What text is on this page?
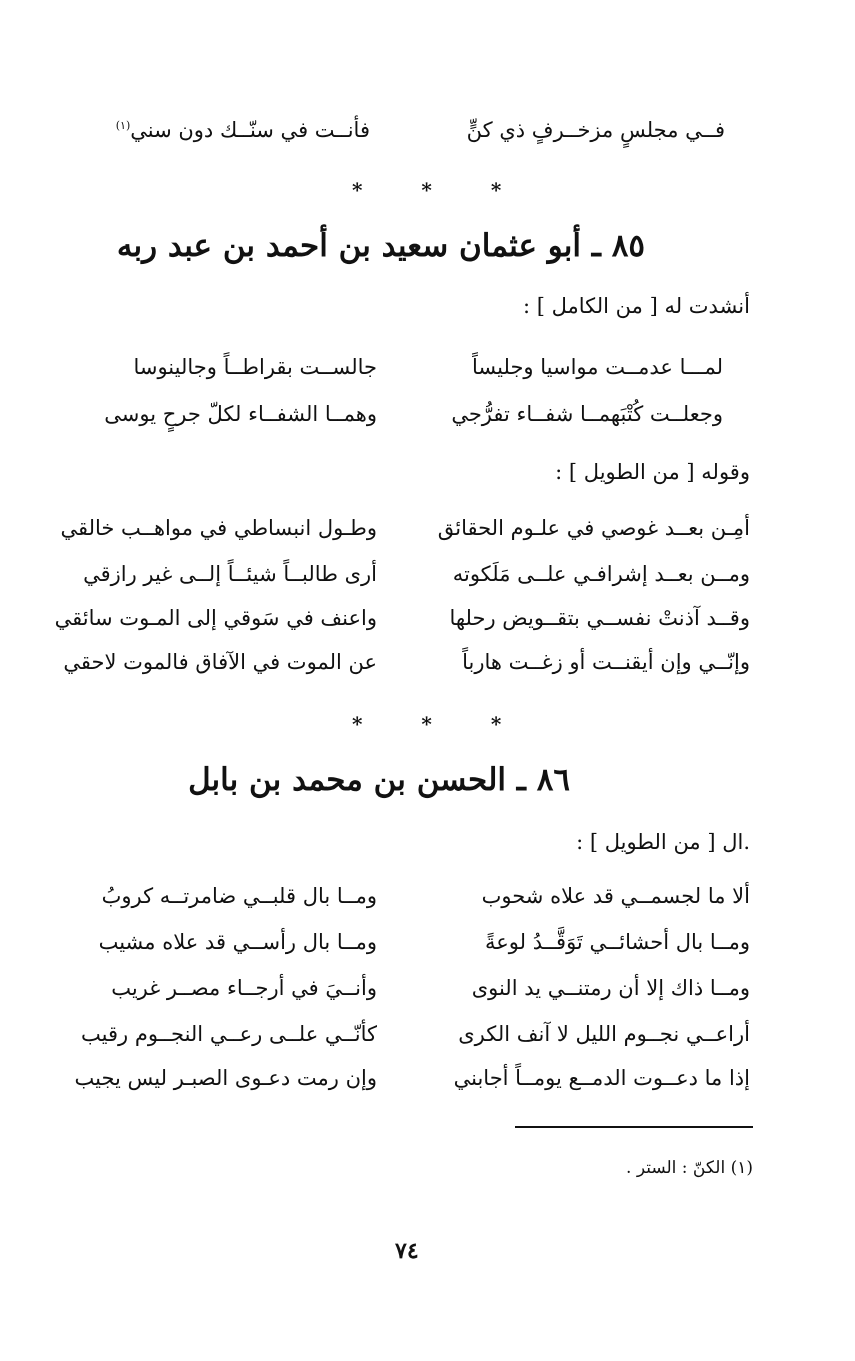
فــي مجلسٍ مزخــرفٍ ذي كنٍّ
فأنــت في سنّــك دون سني$^{(١)}$
* * *
٨٥ ـ أبو عثمان سعيد بن أحمد بن عبد ربه
أنشدت له [ من الكامل ] :
لمـــا عدمــت مواسيا وجليساً
جالســت بقراطــاً وجالينوسا
وجعلــت كُتْبَهمــا شفــاء تفرُّجي
وهمــا الشفــاء لكلّ جرحٍ يوسى
وقوله [ من الطويل ] :
أمِـن بعــد غوصي في علـوم الحقائق
وطـول انبساطي في مواهــب خالقي
ومــن بعــد إشرافـي علــى مَلَكوته
أرى طالبــاً شيئــاً إلــى غير رازقي
وقــد آذنتْ نفســي بتقــويض رحلها
واعنف في سَوقي إلى المـوت سائقي
وإنّــي وإن أيقنــت أو زغــت هارباً
عن الموت في الآفاق فالموت لاحقي
* * *
٨٦ ـ الحسن بن محمد بن بابل
.ال [ من الطويل ] :
ألا ما لجسمــي قد علاه شحوب
ومــا بال قلبــي ضامرتــه كروبُ
ومــا بال أحشائــي تَوَقَّــدُ لوعةً
ومــا بال رأســي قد علاه مشيب
ومــا ذاك إلا أن رمتنــي يد النوى
وأنــيَ في أرجــاء مصــر غريب
أراعــي نجــوم الليل لا آنف الكرى
كأنّــي علــى رعــي النجــوم رقيب
إذا ما دعــوت الدمــع يومــاً أجابني
وإن رمت دعـوى الصبـر ليس يجيب
(١) الكنّ : الستر .
٧٤
